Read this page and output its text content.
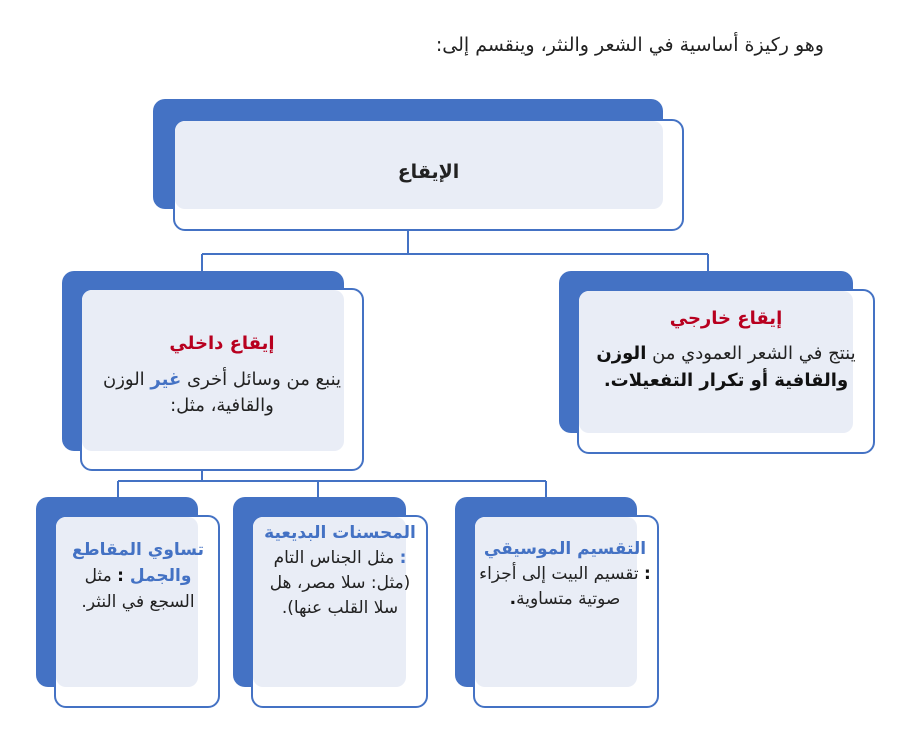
وهو ركيزة أساسية في الشعر والنثر، وينقسم إلى:
الإيقاع
إيقاع خارجي
ينتج في الشعر العمودي من الوزن والقافية أو تكرار التفعيلات.
إيقاع داخلي
ينبع من وسائل أخرى غير الوزن والقافية، مثل:
التقسيم الموسيقي : تقسيم البيت إلى أجزاء صوتية متساوية.
المحسنات البديعية : مثل الجناس التام (مثل: سلا مصر، هل سلا القلب عنها).
تساوي المقاطع والجمل : مثل السجع في النثر.
